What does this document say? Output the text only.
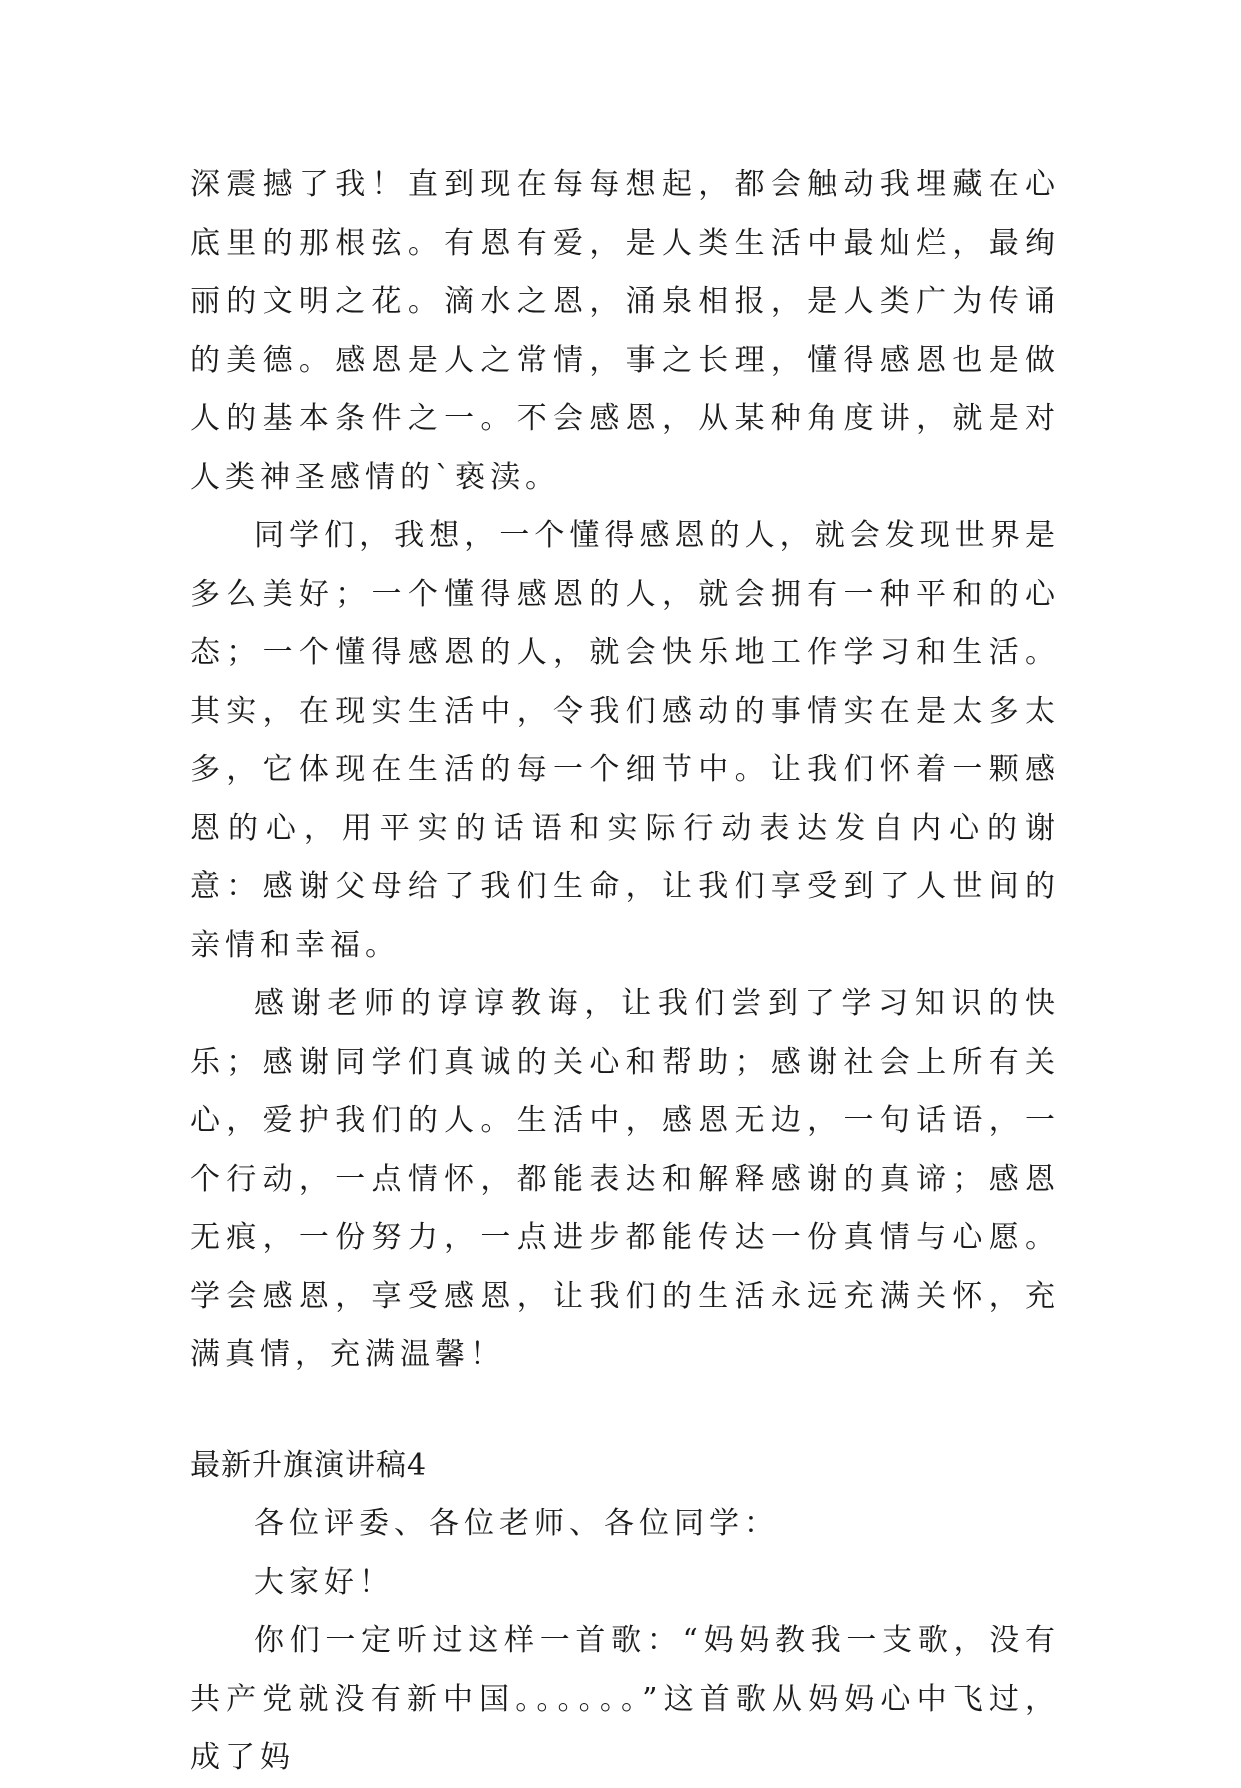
深震撼了我！直到现在每每想起，都会触动我埋藏在心底里的那根弦。有恩有爱，是人类生活中最灿烂，最绚丽的文明之花。滴水之恩，涌泉相报，是人类广为传诵的美德。感恩是人之常情，事之长理，懂得感恩也是做人的基本条件之一。不会感恩，从某种角度讲，就是对人类神圣感情的`亵渎。

同学们，我想，一个懂得感恩的人，就会发现世界是多么美好；一个懂得感恩的人，就会拥有一种平和的心态；一个懂得感恩的人，就会快乐地工作学习和生活。其实，在现实生活中，令我们感动的事情实在是太多太多，它体现在生活的每一个细节中。让我们怀着一颗感恩的心，用平实的话语和实际行动表达发自内心的谢意：感谢父母给了我们生命，让我们享受到了人世间的亲情和幸福。

感谢老师的谆谆教诲，让我们尝到了学习知识的快乐；感谢同学们真诚的关心和帮助；感谢社会上所有关心，爱护我们的人。生活中，感恩无边，一句话语，一个行动，一点情怀，都能表达和解释感谢的真谛；感恩无痕，一份努力，一点进步都能传达一份真情与心愿。学会感恩，享受感恩，让我们的生活永远充满关怀，充满真情，充满温馨！

最新升旗演讲稿4

各位评委、各位老师、各位同学：

大家好！

你们一定听过这样一首歌：“妈妈教我一支歌，没有共产党就没有新中国。。。。。。”这首歌从妈妈心中飞过，成了妈
